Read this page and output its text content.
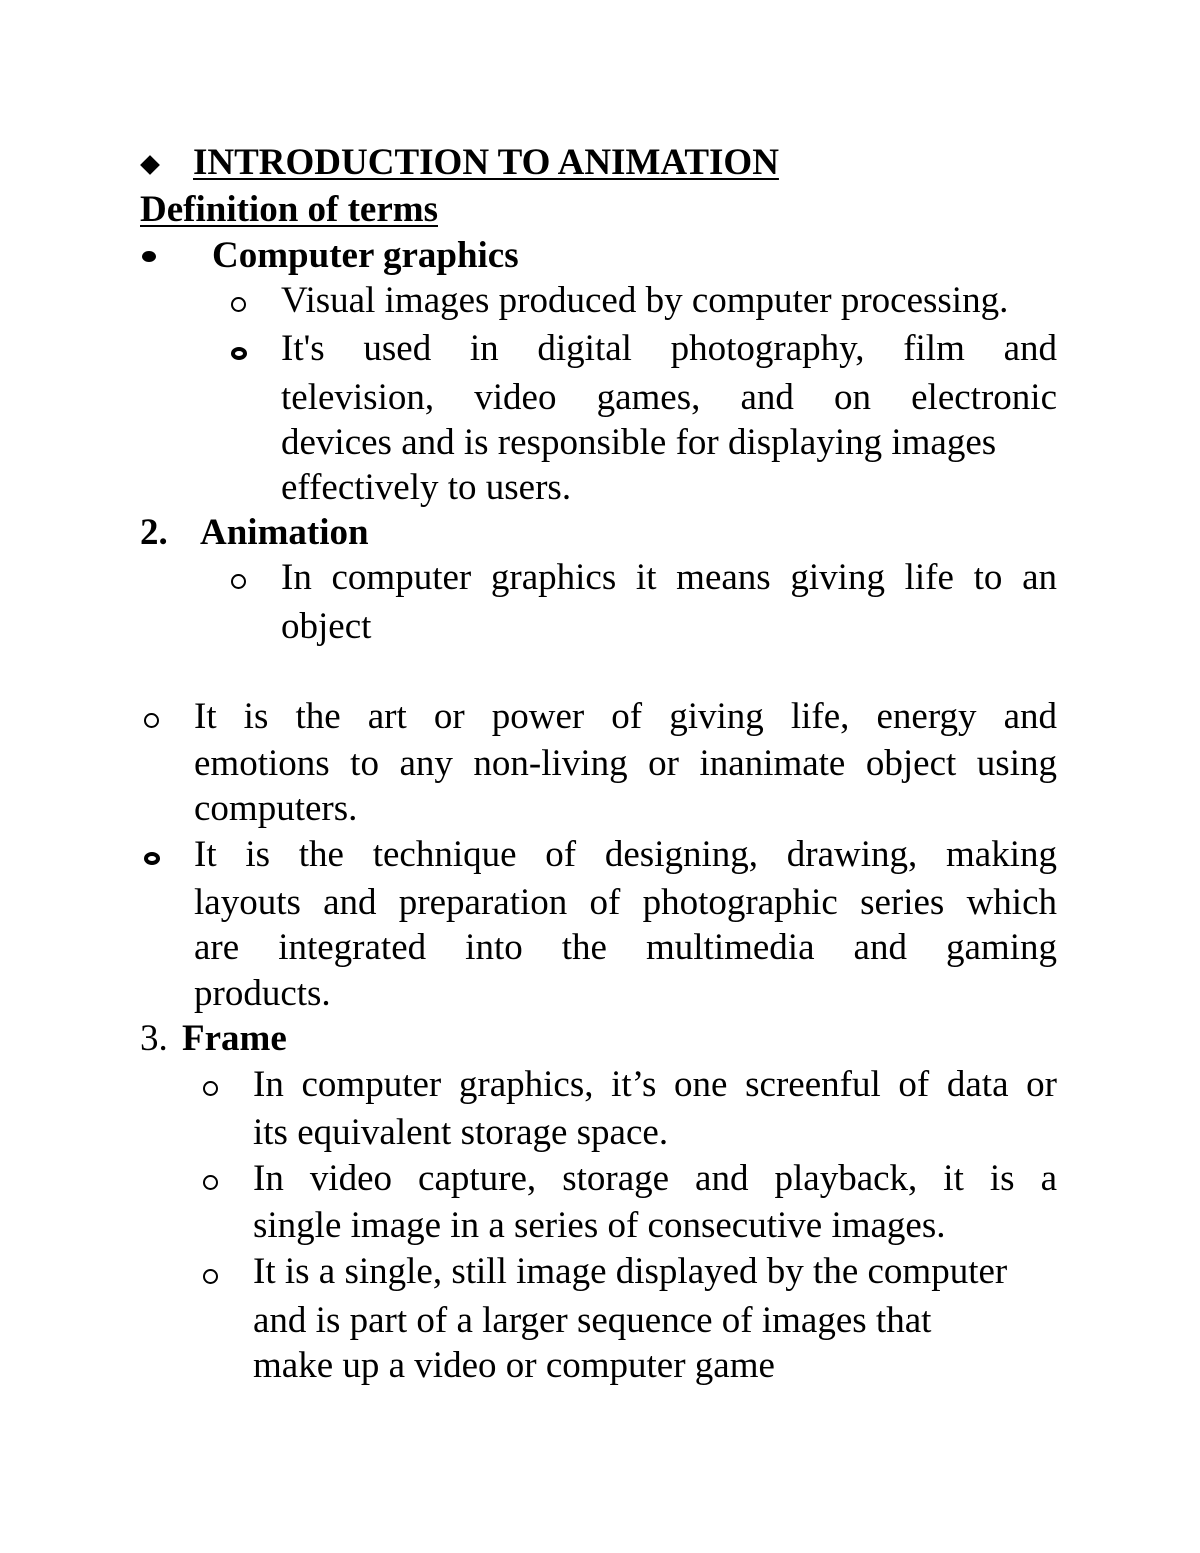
INTRODUCTION TO ANIMATION
Definition of terms
Computer graphics
Visual images produced by computer processing.
It's used in digital photography, film and
television, video games, and on electronic
devices and is responsible for displaying images
effectively to users.
2. Animation
In computer graphics it means giving life to an
object
It is the art or power of giving life, energy and
emotions to any non-living or inanimate object using
computers.
It is the technique of designing, drawing, making
layouts and preparation of photographic series which
are integrated into the multimedia and gaming
products.
3. Frame
In computer graphics, it’s one screenful of data or
its equivalent storage space.
In video capture, storage and playback, it is a
single image in a series of consecutive images.
It is a single, still image displayed by the computer
and is part of a larger sequence of images that
make up a video or computer game
